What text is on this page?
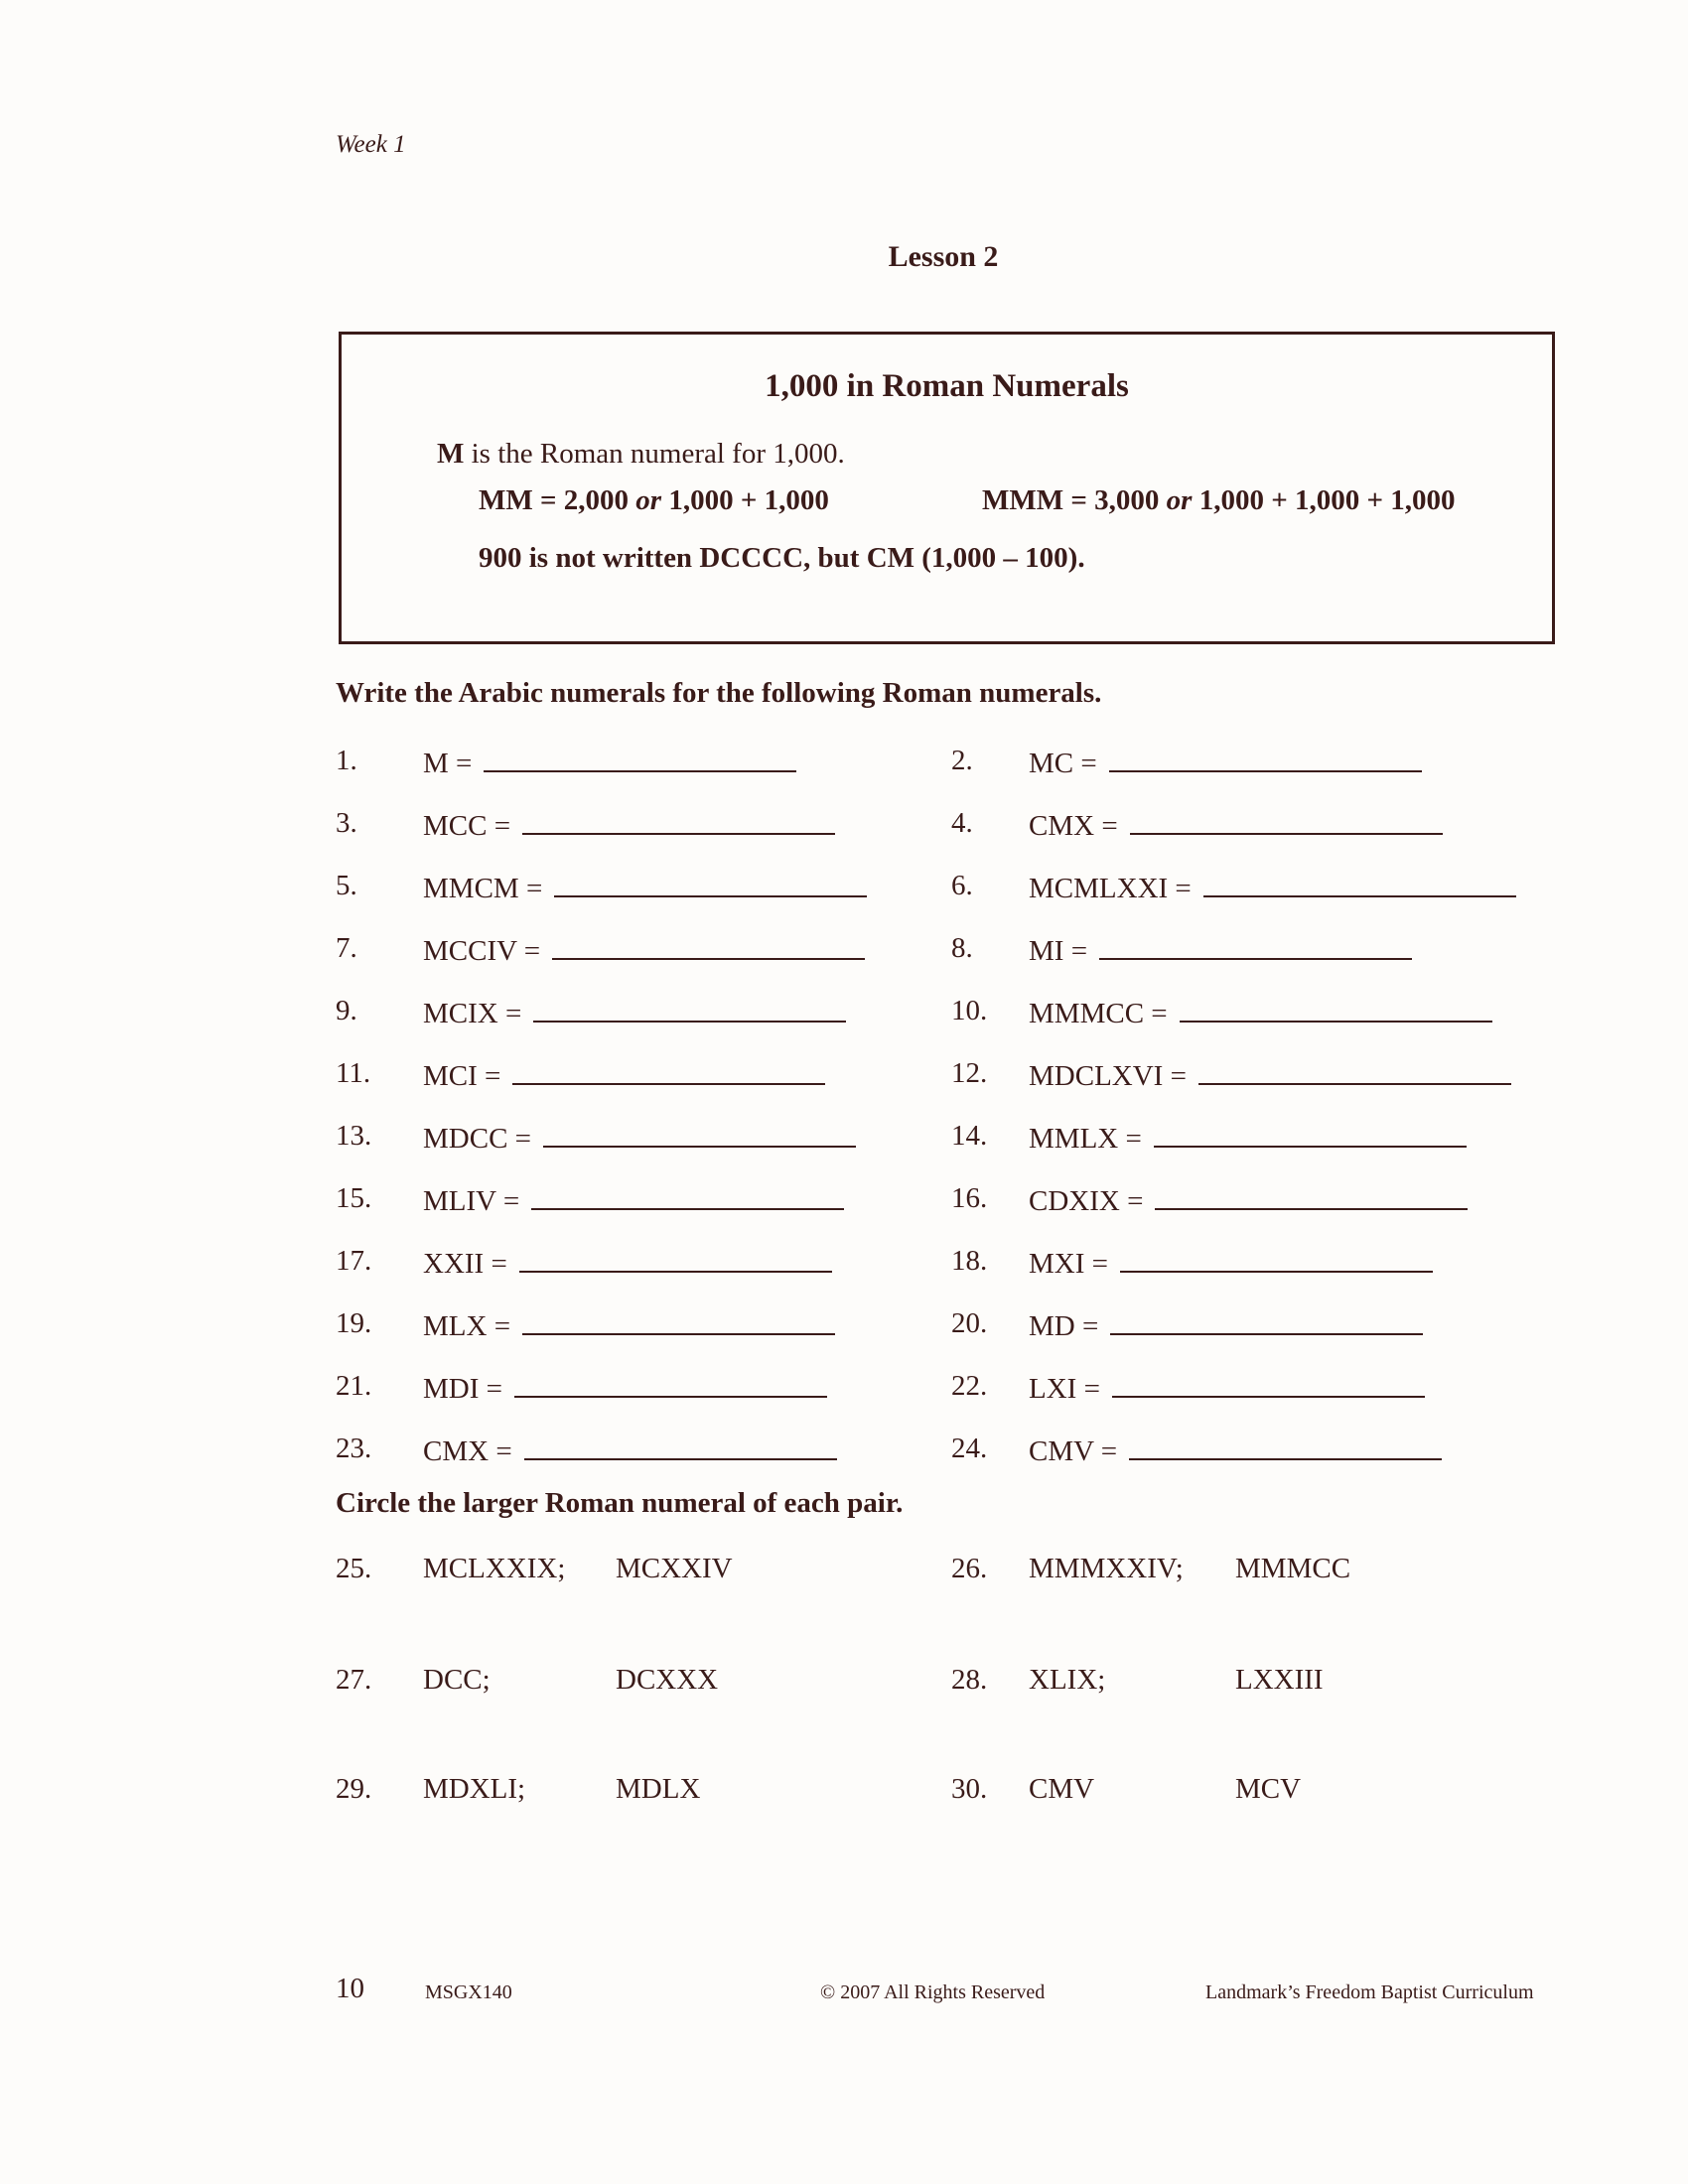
Week 1
Lesson 2
1,000 in Roman Numerals
M is the Roman numeral for 1,000.
MM = 2,000 or 1,000 + 1,000	MMM = 3,000 or 1,000 + 1,000 + 1,000
900 is not written DCCCC, but CM (1,000 – 100).
Write the Arabic numerals for the following Roman numerals.
1. M =	2. MC =
3. MCC =	4. CMX =
5. MMCM =	6. MCMLXXI =
7. MCCIV =	8. MI =
9. MCIX =	10. MMMCC =
11. MCI =	12. MDCLXVI =
13. MDCC =	14. MMLX =
15. MLIV =	16. CDXIX =
17. XXII =	18. MXI =
19. MLX =	20. MD =
21. MDI =	22. LXI =
23. CMX =	24. CMV =
Circle the larger Roman numeral of each pair.
25. MCLXXIX; MCXXIV	26. MMMXXIV; MMMCC
27. DCC;	DCXXX	28. XLIX;	LXXIII
29. MDXLI;	MDLX	30. CMV	MCV
10	MSGX140	© 2007 All Rights Reserved	Landmark’s Freedom Baptist Curriculum
